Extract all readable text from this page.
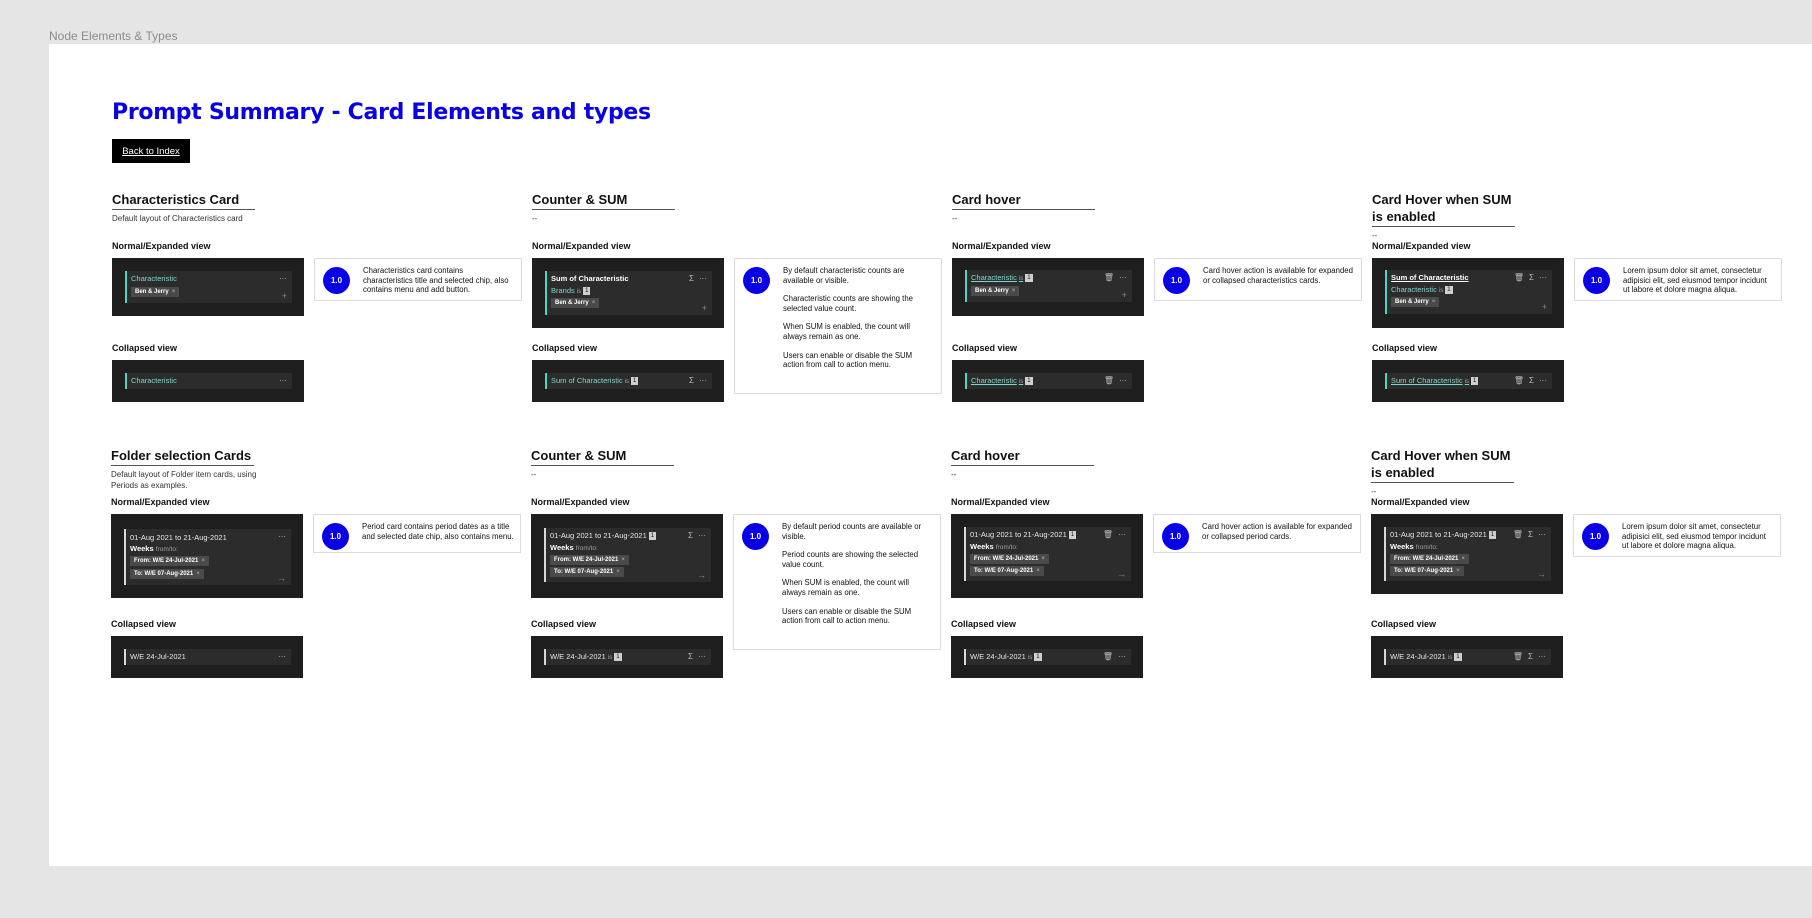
Node Elements & Types
Prompt Summary - Card Elements and types
Back to Index
Characteristics Card
Default layout of Characteristics card
Normal/Expanded view
Characteristic
Ben & Jerry ×
···
+
1.0

Characteristics card contains characteristics title and selected chip, also contains menu and add button.

Collapsed view
Characteristic	···
Counter & SUM
--
Normal/Expanded view
Sum of Characteristic
Brands is 1
Ben & Jerry ×
Σ ···
+
1.0

By default characteristic counts are available or visible.

Characteristic counts are showing the selected value count.

When SUM is enabled, the count will always remain as one.

Users can enable or disable the SUM action from call to action menu.

Collapsed view
Sum of Characteristic is 1	Σ ···
Card hover
--
Normal/Expanded view
Characteristic is 1
Ben & Jerry ×
🗑 ···
+
1.0

Card hover action is available for expanded or collapsed characteristics cards.

Collapsed view
Characteristic is 1	🗑 ···
Card Hover when SUM is enabled
--
Normal/Expanded view
Sum of Characteristic
Characteristic is 1
Ben & Jerry ×
🗑 Σ ···
+
1.0

Lorem ipsum dolor sit amet, consectetur adipisici elit, sed eiusmod tempor incidunt ut labore et dolore magna aliqua.

Collapsed view
Sum of Characteristic is 1	🗑 Σ ···
Folder selection Cards
Default layout of Folder item cards, using Periods as examples.
Normal/Expanded view
01-Aug 2021 to 21-Aug-2021
Weeks from/to:
From: W/E 24-Jul-2021 ×
To: W/E 07-Aug-2021 ×
···
→
1.0

Period card contains period dates as a title and selected date chip, also contains menu.

Collapsed view
W/E 24-Jul-2021	···
Counter & SUM
--
Normal/Expanded view
01-Aug 2021 to 21-Aug-2021 1
Weeks from/to:
From: W/E 24-Jul-2021 ×
To: W/E 07-Aug-2021 ×
Σ ···
→
1.0

By default period counts are available or visible.

Period counts are showing the selected value count.

When SUM is enabled, the count will always remain as one.

Users can enable or disable the SUM action from call to action menu.

Collapsed view
W/E 24-Jul-2021 is 1	Σ ···
Card hover
--
Normal/Expanded view
01-Aug 2021 to 21-Aug-2021 1
Weeks from/to:
From: W/E 24-Jul-2021 ×
To: W/E 07-Aug-2021 ×
🗑 ···
→
1.0

Card hover action is available for expanded or collapsed period cards.

Collapsed view
W/E 24-Jul-2021 is 1	🗑 ···
Card Hover when SUM is enabled
--
Normal/Expanded view
01-Aug 2021 to 21-Aug-2021 1
Weeks from/to:
From: W/E 24-Jul-2021 ×
To: W/E 07-Aug-2021 ×
🗑 Σ ···
→
1.0

Lorem ipsum dolor sit amet, consectetur adipisici elit, sed eiusmod tempor incidunt ut labore et dolore magna aliqua.

Collapsed view
W/E 24-Jul-2021 is 1	🗑 Σ ···
